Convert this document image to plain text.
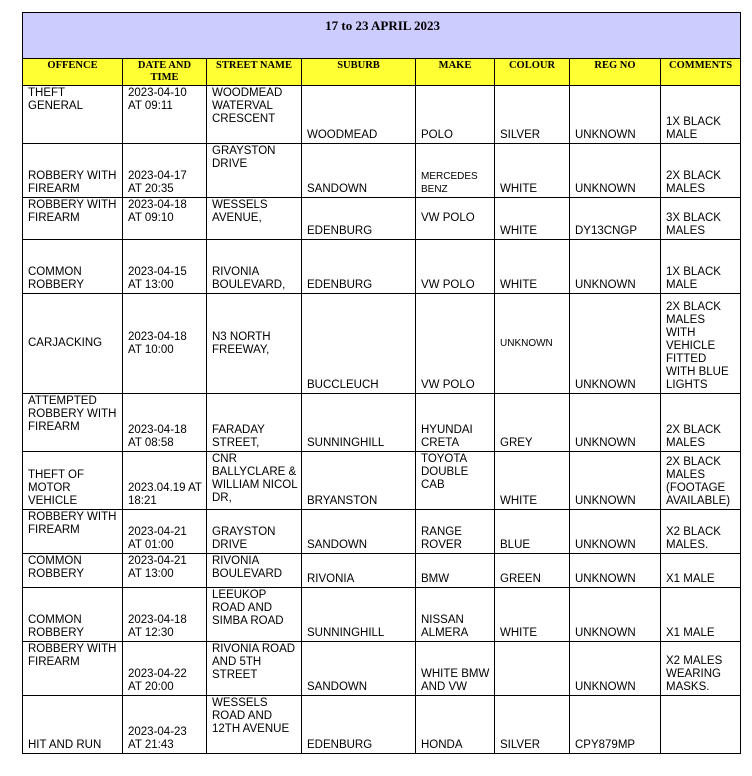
17 to 23 APRIL 2023							
OFFENCE	DATE AND TIME	STREET NAME	SUBURB	MAKE	COLOUR	REG NO	COMMENTS
THEFT GENERAL	2023-04-10 AT 09:11	WOODMEAD WATERVAL CRESCENT	WOODMEAD	POLO	SILVER	UNKNOWN	1X BLACK MALE
ROBBERY WITH FIREARM	2023-04-17 AT 20:35	GRAYSTON DRIVE	SANDOWN	MERCEDES BENZ	WHITE	UNKNOWN	2X BLACK MALES
ROBBERY WITH FIREARM	2023-04-18 AT 09:10	WESSELS AVENUE,	EDENBURG	VW POLO	WHITE	DY13CNGP	3X BLACK MALES
COMMON ROBBERY	2023-04-15 AT 13:00	RIVONIA BOULEVARD,	EDENBURG	VW POLO	WHITE	UNKNOWN	1X BLACK MALE
CARJACKING	2023-04-18 AT 10:00	N3 NORTH FREEWAY,	BUCCLEUCH	VW POLO	UNKNOWN	UNKNOWN	2X BLACK MALES WITH VEHICLE FITTED WITH BLUE LIGHTS
ATTEMPTED ROBBERY WITH FIREARM	2023-04-18 AT 08:58	FARADAY STREET,	SUNNINGHILL	HYUNDAI CRETA	GREY	UNKNOWN	2X BLACK MALES
THEFT OF MOTOR VEHICLE	2023.04.19 AT 18:21	CNR BALLYCLARE & WILLIAM NICOL DR,	BRYANSTON	TOYOTA DOUBLE CAB	WHITE	UNKNOWN	2X BLACK MALES (FOOTAGE AVAILABLE)
ROBBERY WITH FIREARM	2023-04-21 AT 01:00	GRAYSTON DRIVE	SANDOWN	RANGE ROVER	BLUE	UNKNOWN	X2 BLACK MALES.
COMMON ROBBERY	2023-04-21 AT 13:00	RIVONIA BOULEVARD	RIVONIA	BMW	GREEN	UNKNOWN	X1 MALE
COMMON ROBBERY	2023-04-18 AT 12:30	LEEUKOP ROAD AND SIMBA ROAD	SUNNINGHILL	NISSAN ALMERA	WHITE	UNKNOWN	X1 MALE
ROBBERY WITH FIREARM	2023-04-22 AT 20:00	RIVONIA ROAD AND 5TH STREET	SANDOWN	WHITE BMW AND VW		UNKNOWN	X2 MALES WEARING MASKS.
HIT AND RUN	2023-04-23 AT 21:43	WESSELS ROAD AND 12TH AVENUE	EDENBURG	HONDA	SILVER	CPY879MP	
